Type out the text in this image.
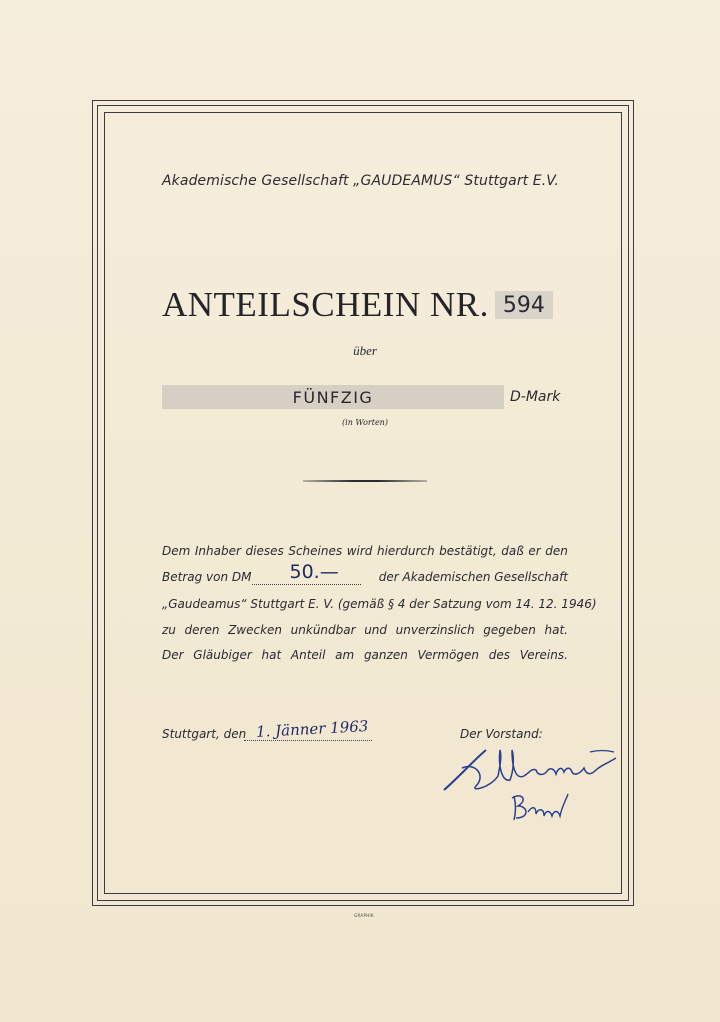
Akademische Gesellschaft „GAUDEAMUS“ Stuttgart E.V.
ANTEILSCHEIN NR. 594
über
FÜNFZIG	D-Mark
(in Worten)
Dem Inhaber dieses Scheines wird hierdurch bestätigt, daß er den
Betrag von DM 50.—	der Akademischen Gesellschaft
„Gaudeamus“ Stuttgart E. V. (gemäß § 4 der Satzung vom 14. 12. 1946)
zu deren Zwecken unkündbar und unverzinslich gegeben hat.
Der Gläubiger hat Anteil am ganzen Vermögen des Vereins.
Stuttgart, den 1. Jänner 1963	Der Vorstand:
GRAPHIK
